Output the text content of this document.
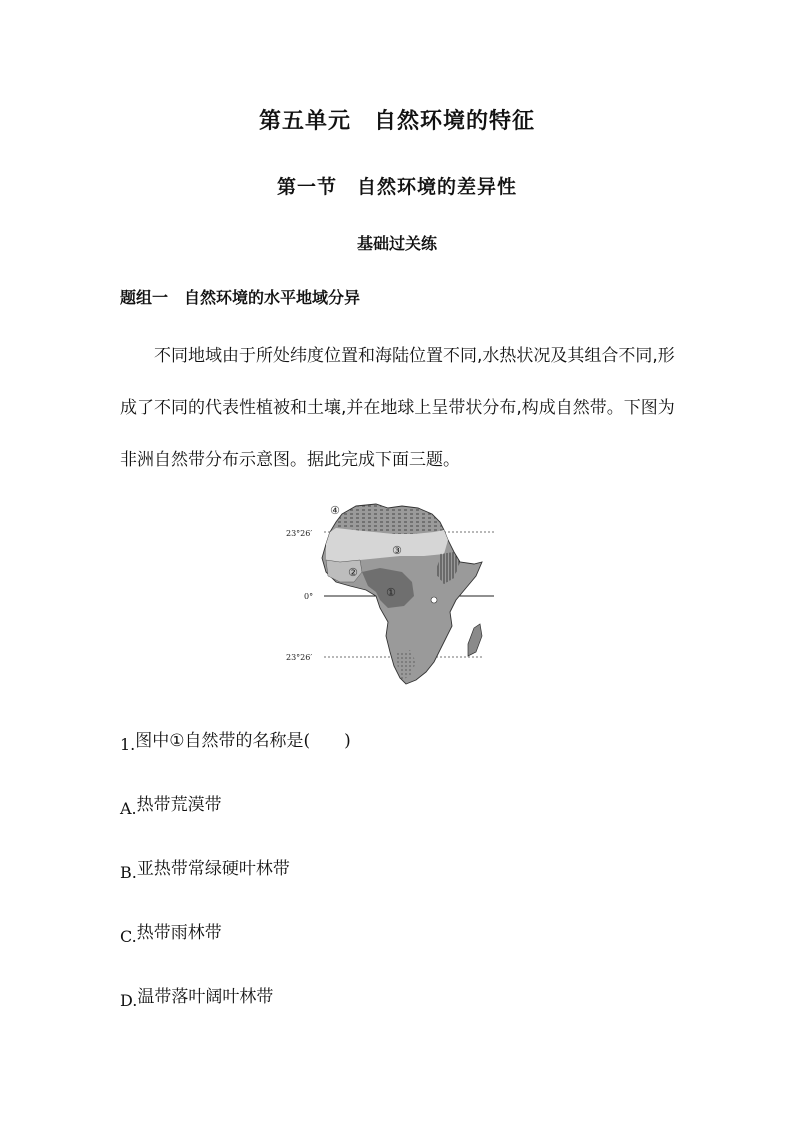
第五单元　自然环境的特征
第一节　自然环境的差异性
基础过关练
题组一　自然环境的水平地域分异

不同地域由于所处纬度位置和海陆位置不同,水热状况及其组合不同,形成了不同的代表性植被和土壤,并在地球上呈带状分布,构成自然带。下图为非洲自然带分布示意图。据此完成下面三题。

23°26′
0°
23°26′
①
②
③
④
1.图中①自然带的名称是(　　)
A.热带荒漠带
B.亚热带常绿硬叶林带
C.热带雨林带
D.温带落叶阔叶林带
